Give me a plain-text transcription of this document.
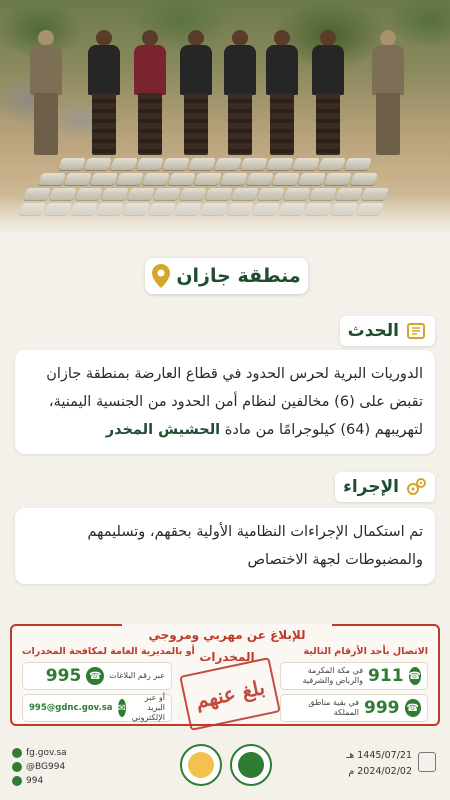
منطقة جازان
الحدث
الدوريات البرية لحرس الحدود في قطاع العارضة بمنطقة جازان تقبض على (6) مخالفين لنظام أمن الحدود من الجنسية اليمنية، لتهريبهم (64) كيلوجرامًا من مادة الحشيش المخدر
الإجراء
تم استكمال الإجراءات النظامية الأولية بحقهم، وتسليمهم والمضبوطات لجهة الاختصاص
للإبلاغ عن مهربي ومروجي المخدرات	الاتصال بأحد الأرقام التالية
أو بالمديرية العامة لمكافحة المخدرات
☎
911
في مكة المكرمة والرياض والشرقية
☎
999
في بقية مناطق المملكة
عبر رقم البلاغات
☎
995
أو عبر البريد الإلكتروني
✉
995@gdnc.gov.sa	بلغ عنهم
fg.gov.sa
@BG994
994
1445/07/21 هـ
2024/02/02 م
